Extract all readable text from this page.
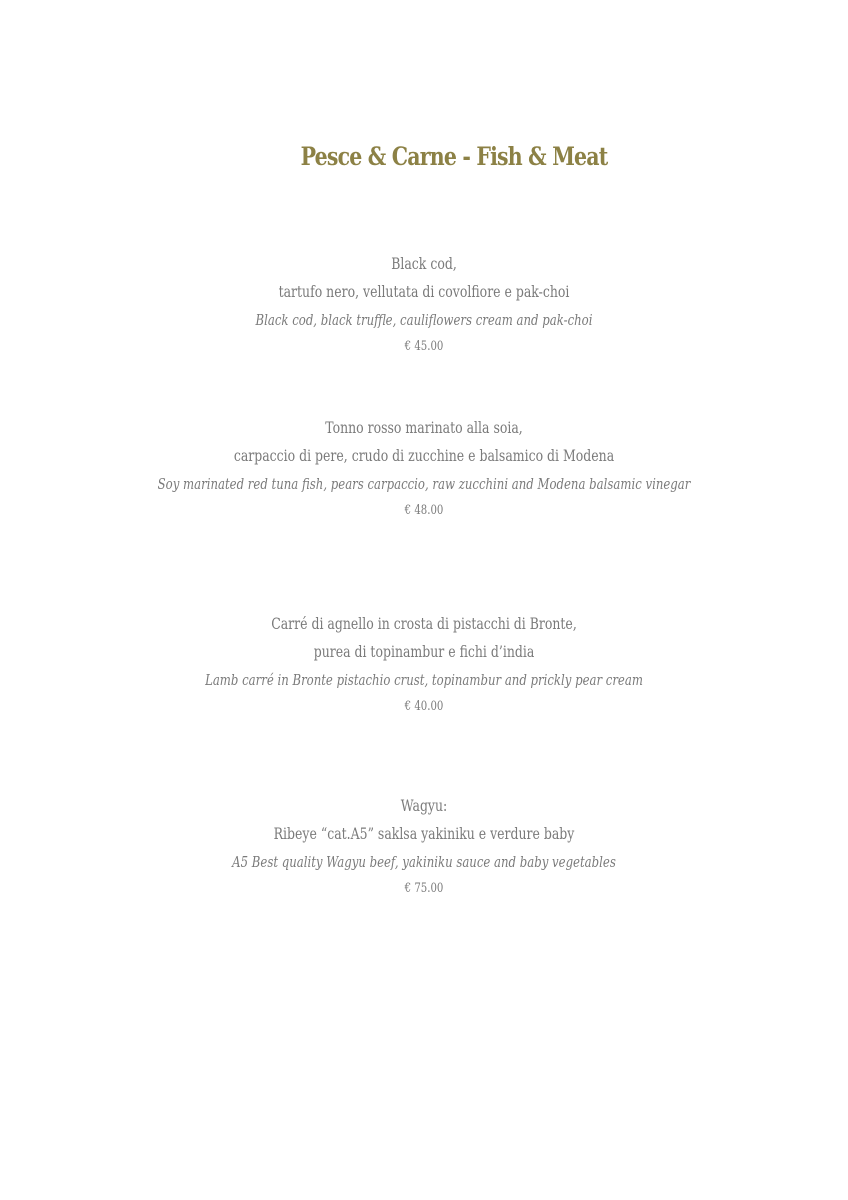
Pesce & Carne - Fish & Meat
Black cod,
tartufo nero, vellutata di covolfiore e pak-choi
Black cod, black truffle, cauliflowers cream and pak-choi
€ 45.00
Tonno rosso marinato alla soia,
carpaccio di pere, crudo di zucchine e balsamico di Modena
Soy marinated red tuna fish, pears carpaccio, raw zucchini and Modena balsamic vinegar
€ 48.00
Carré di agnello in crosta di pistacchi di Bronte,
purea di topinambur e fichi d’india
Lamb carré in Bronte pistachio crust, topinambur and prickly pear cream
€ 40.00
Wagyu:
Ribeye “cat.A5” saklsa yakiniku e verdure baby
A5 Best quality Wagyu beef, yakiniku sauce and baby vegetables
€ 75.00
